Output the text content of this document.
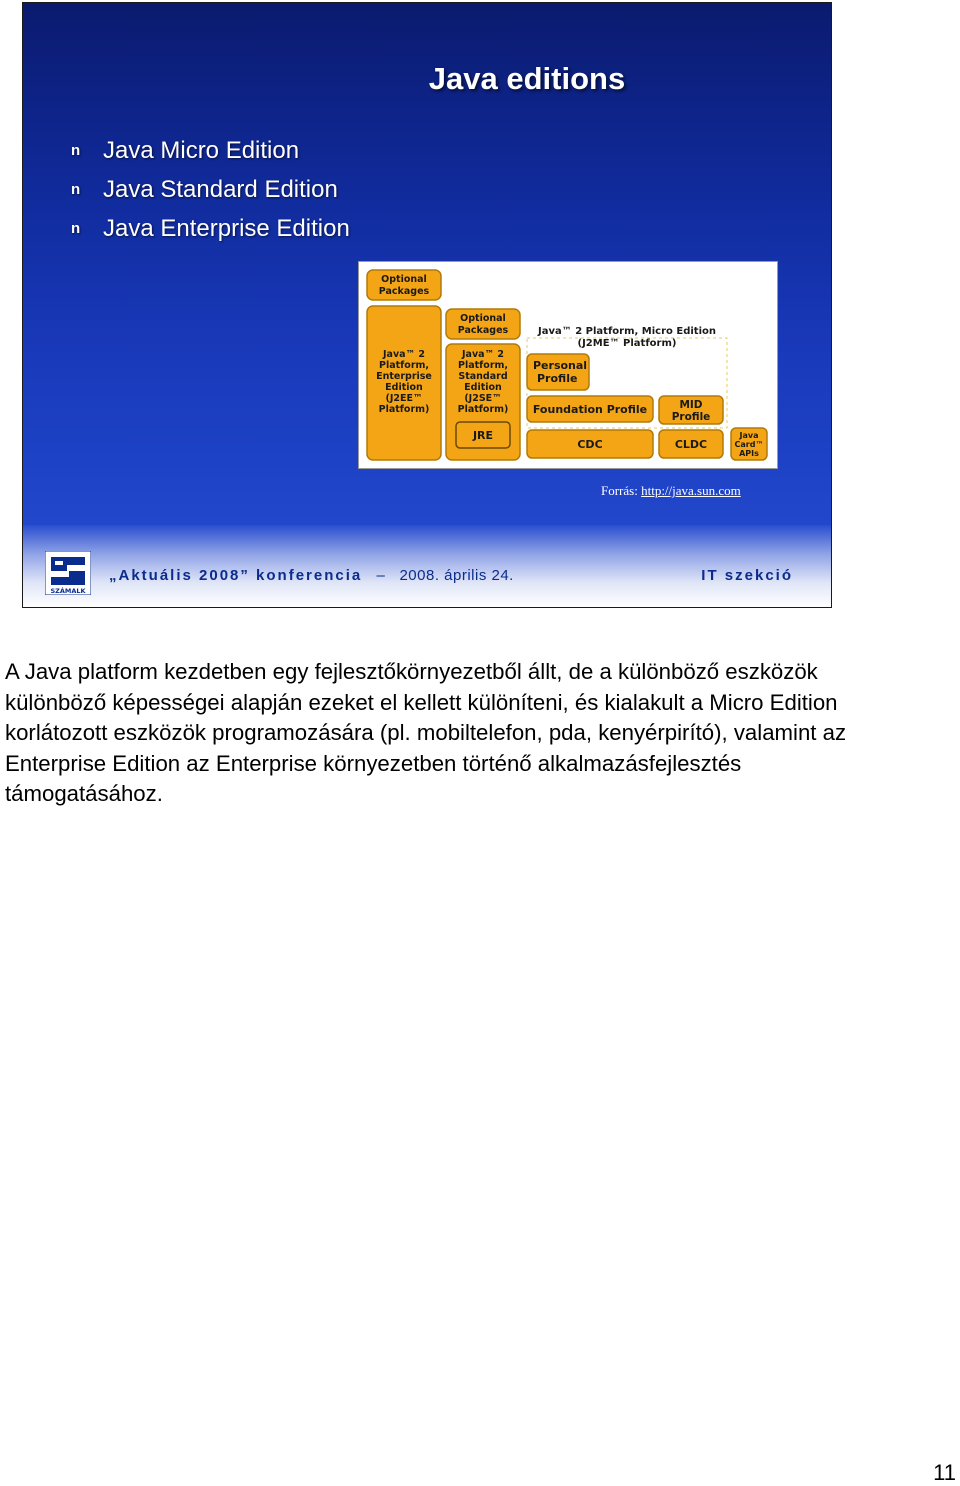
Java editions
n Java Micro Edition
n Java Standard Edition
n Java Enterprise Edition
Optional
Packages
Java™ 2
Platform,
Enterprise
Edition
(J2EE™
Platform)
Optional
Packages
Java™ 2
Platform,
Standard
Edition
(J2SE™
Platform)
JRE
Java™ 2 Platform, Micro Edition
(J2ME™ Platform)
Personal
Profile
Foundation Profile	MID
Profile
CDC	CLDC
Java
Card™
APIs
Forrás: http://java.sun.com
SZÁMALK
„Aktuális 2008” konferencia – 2008. április 24.	IT szekció

A Java platform kezdetben egy fejlesztőkörnyezetből állt, de a különböző eszközök különböző képességei alapján ezeket el kellett különíteni, és kialakult a Micro Edition korlátozott eszközök programozására (pl. mobiltelefon, pda, kenyérpirító), valamint az Enterprise Edition az Enterprise környezetben történő alkalmazásfejlesztés támogatásához.

11
